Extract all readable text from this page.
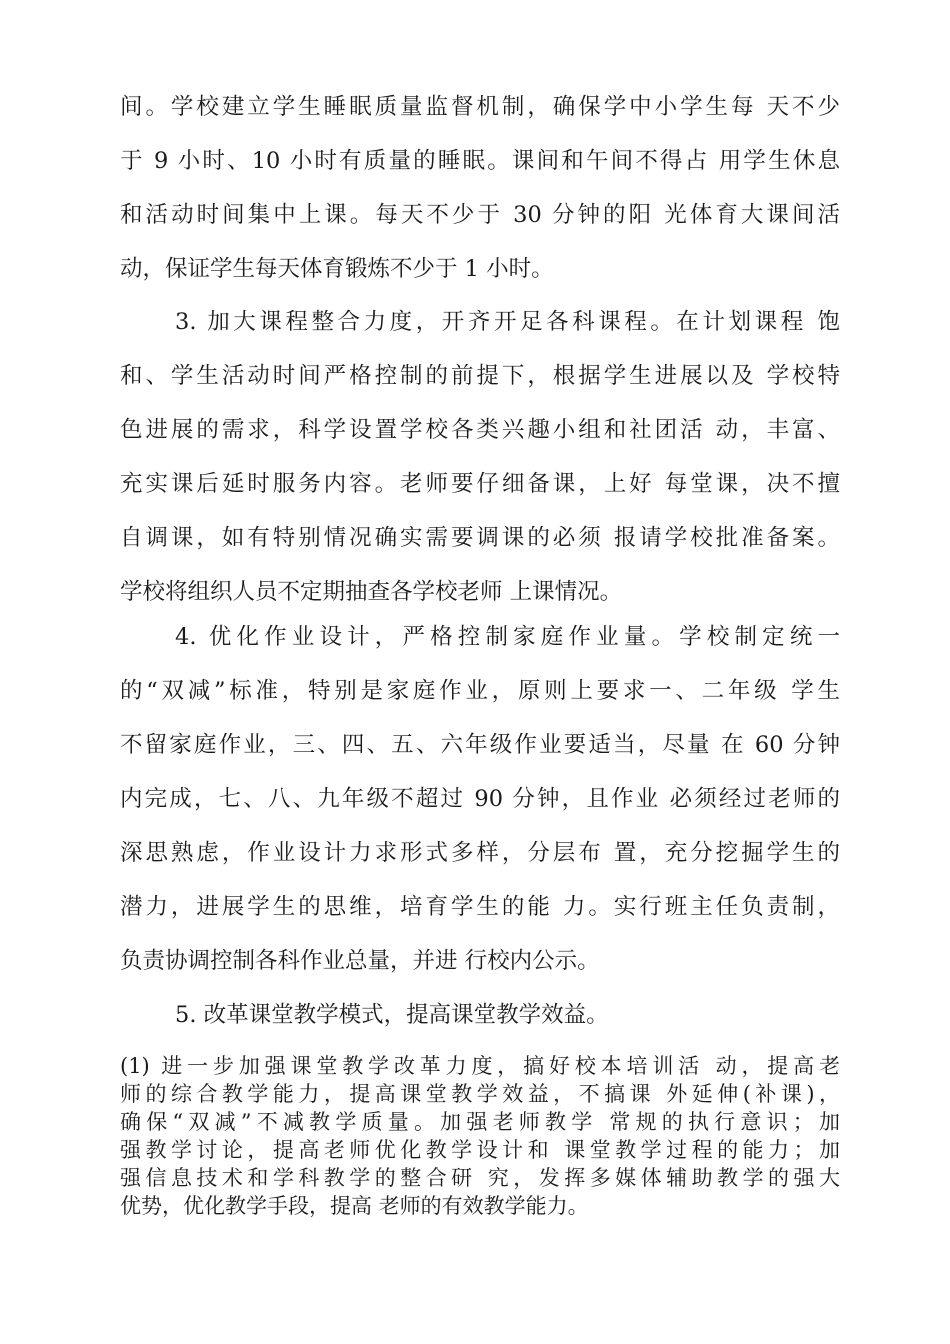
间。学校建立学生睡眠质量监督机制，确保学中小学生每 天不少
于 9 小时、10 小时有质量的睡眠。课间和午间不得占 用学生休息
和活动时间集中上课。每天不少于 30 分钟的阳 光体育大课间活
动，保证学生每天体育锻炼不少于 1 小时。
3. 加大课程整合力度，开齐开足各科课程。在计划课程 饱
和、学生活动时间严格控制的前提下，根据学生进展以及 学校特
色进展的需求，科学设置学校各类兴趣小组和社团活 动，丰富、
充实课后延时服务内容。老师要仔细备课，上好 每堂课，决不擅
自调课，如有特别情况确实需要调课的必须 报请学校批准备案。
学校将组织人员不定期抽查各学校老师 上课情况。
4. 优化作业设计，严格控制家庭作业量。学校制定统一
的“双减”标准，特别是家庭作业，原则上要求一、二年级 学生
不留家庭作业，三、四、五、六年级作业要适当，尽量 在 60 分钟
内完成，七、八、九年级不超过 90 分钟，且作业 必须经过老师的
深思熟虑，作业设计力求形式多样，分层布 置，充分挖掘学生的
潜力，进展学生的思维，培育学生的能 力。实行班主任负责制，
负责协调控制各科作业总量，并进 行校内公示。
5. 改革课堂教学模式，提高课堂教学效益。
(1) 进一步加强课堂教学改革力度，搞好校本培训活 动，提高老
师的综合教学能力，提高课堂教学效益，不搞课 外延伸(补课)，
确保“双减”不减教学质量。加强老师教学 常规的执行意识；加
强教学讨论，提高老师优化教学设计和 课堂教学过程的能力；加
强信息技术和学科教学的整合研 究，发挥多媒体辅助教学的强大
优势，优化教学手段，提高 老师的有效教学能力。
